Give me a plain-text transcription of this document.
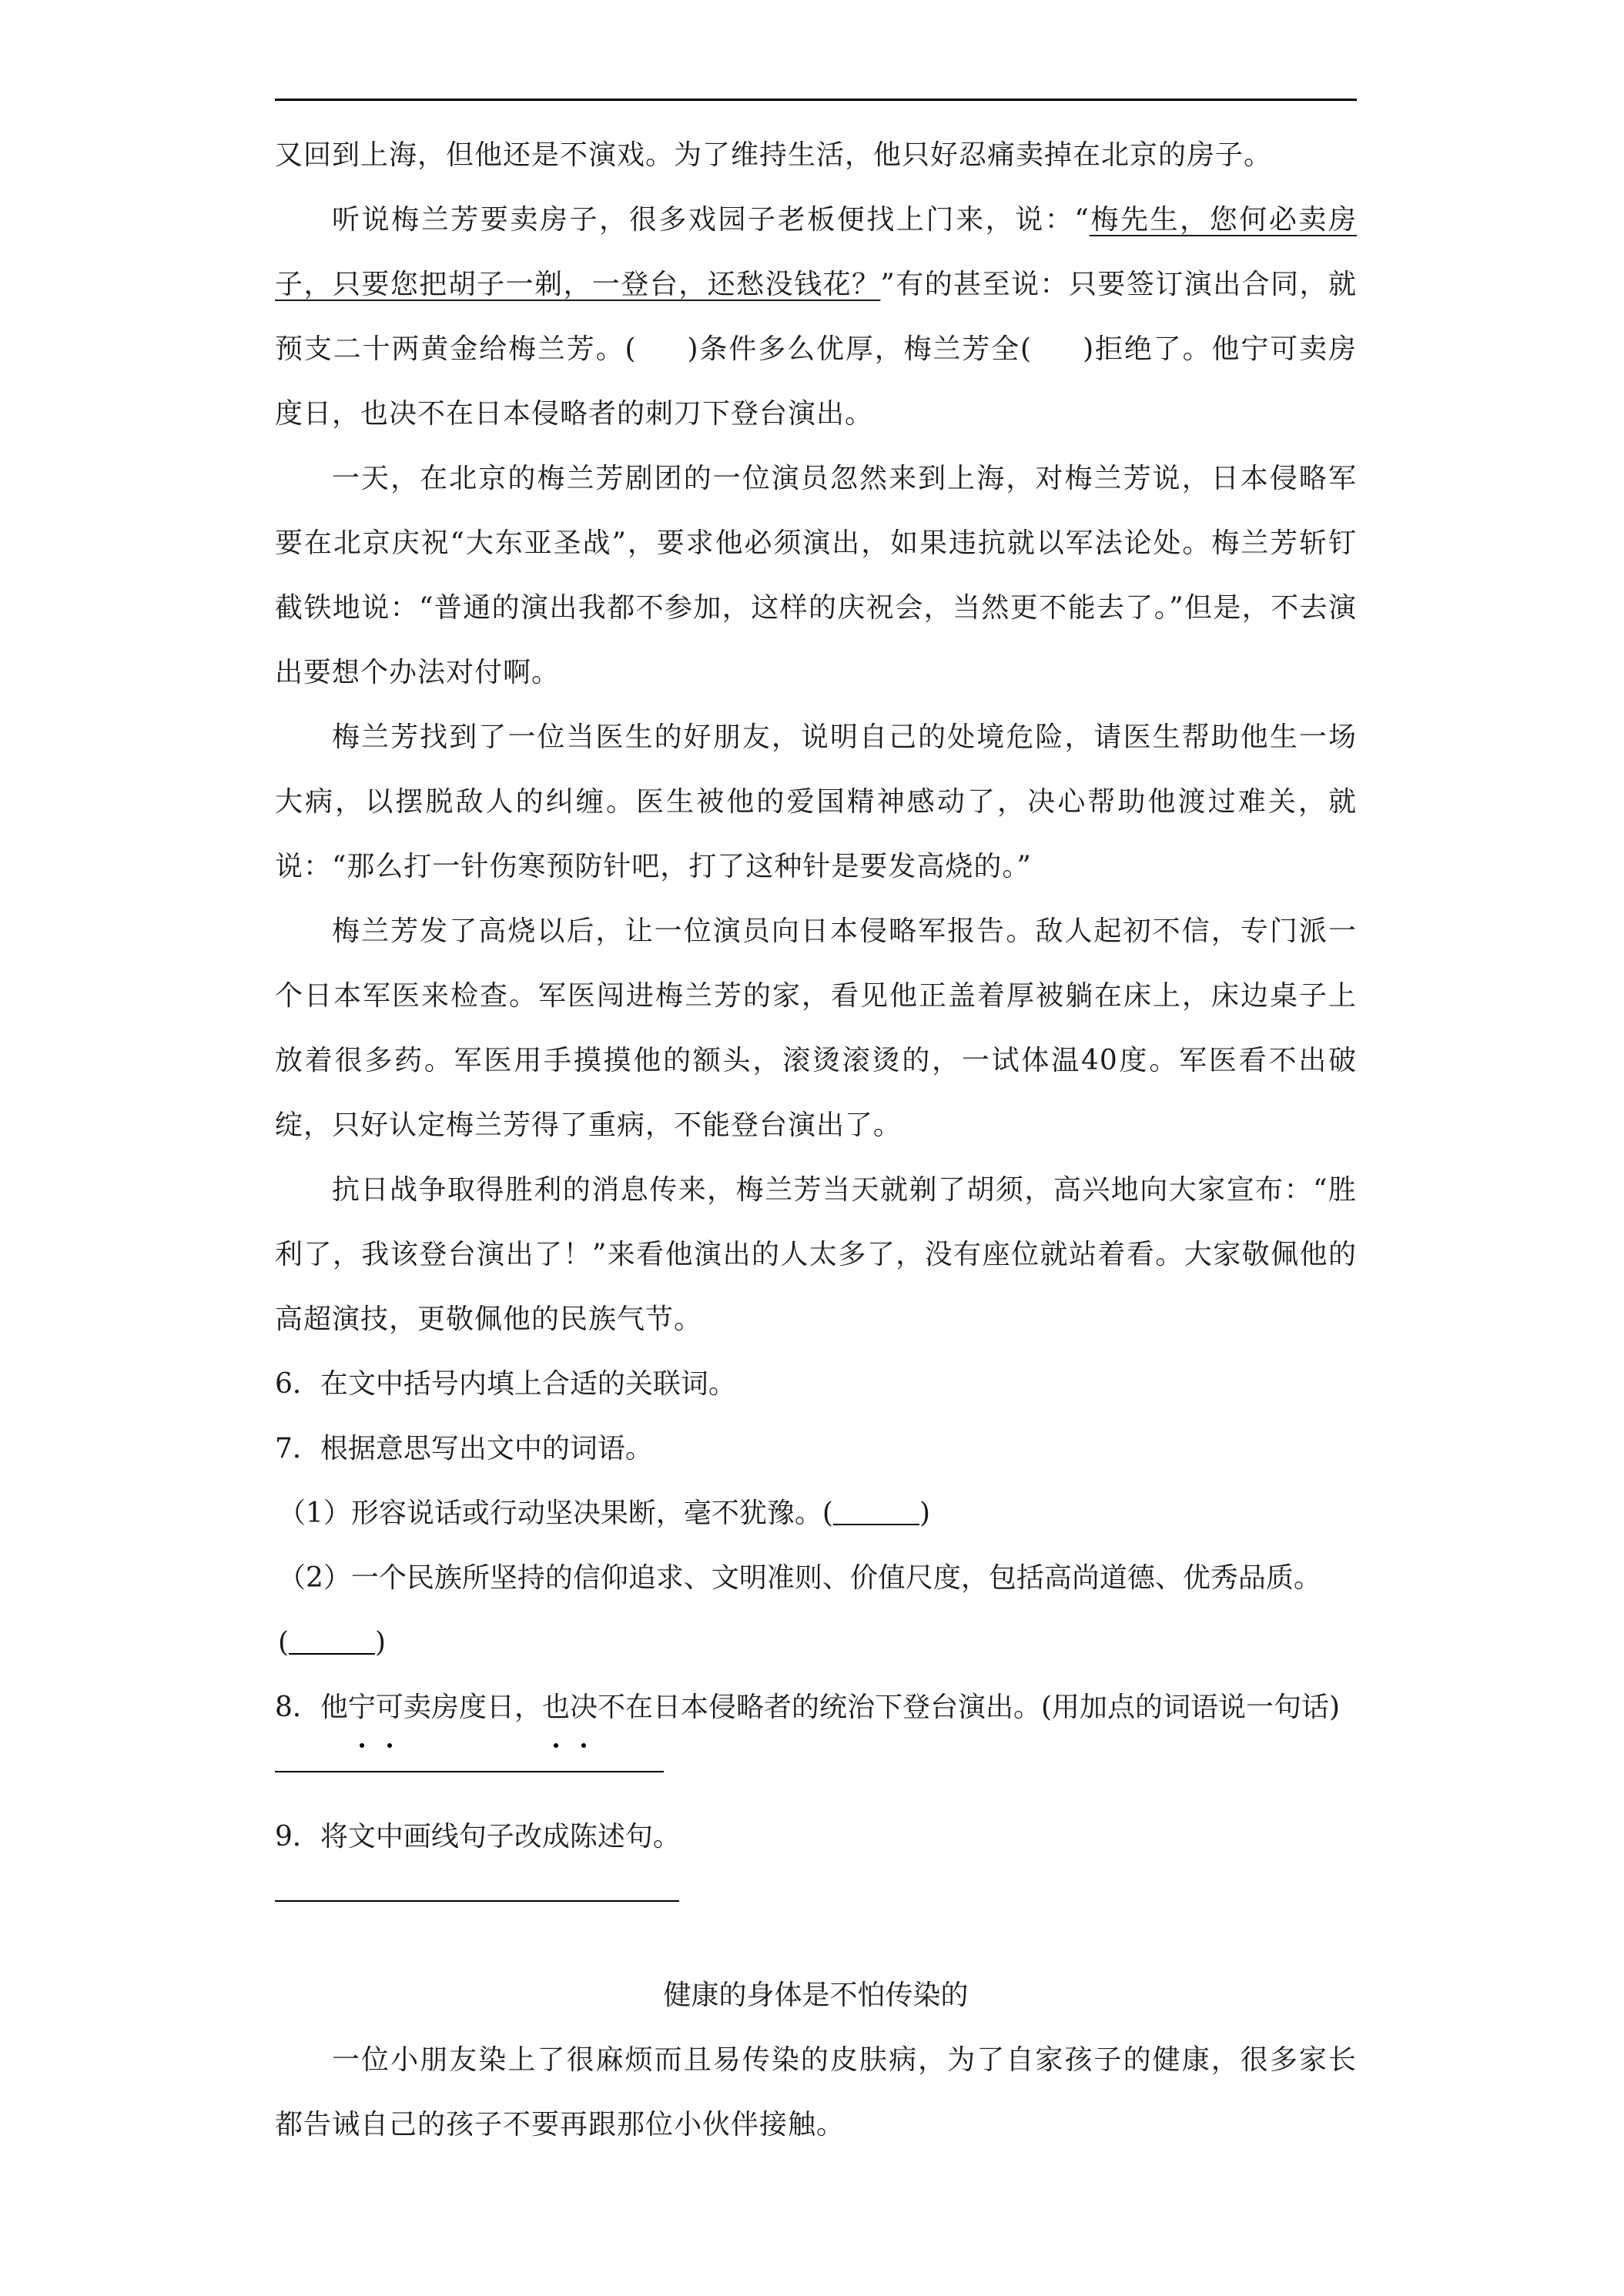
又回到上海，但他还是不演戏。为了维持生活，他只好忍痛卖掉在北京的房子。

听说梅兰芳要卖房子，很多戏园子老板便找上门来，说：“梅先生，您何必卖房子，只要您把胡子一剃，一登台，还愁没钱花？”有的甚至说：只要签订演出合同，就预支二十两黄金给梅兰芳。( )条件多么优厚，梅兰芳全( )拒绝了。他宁可卖房度日，也决不在日本侵略者的刺刀下登台演出。

一天，在北京的梅兰芳剧团的一位演员忽然来到上海，对梅兰芳说，日本侵略军要在北京庆祝“大东亚圣战”，要求他必须演出，如果违抗就以军法论处。梅兰芳斩钉截铁地说：“普通的演出我都不参加，这样的庆祝会，当然更不能去了。”但是，不去演出要想个办法对付啊。

梅兰芳找到了一位当医生的好朋友，说明自己的处境危险，请医生帮助他生一场大病，以摆脱敌人的纠缠。医生被他的爱国精神感动了，决心帮助他渡过难关，就说：“那么打一针伤寒预防针吧，打了这种针是要发高烧的。”

梅兰芳发了高烧以后，让一位演员向日本侵略军报告。敌人起初不信，专门派一个日本军医来检查。军医闯进梅兰芳的家，看见他正盖着厚被躺在床上，床边桌子上放着很多药。军医用手摸摸他的额头，滚烫滚烫的，一试体温40度。军医看不出破绽，只好认定梅兰芳得了重病，不能登台演出了。

抗日战争取得胜利的消息传来，梅兰芳当天就剃了胡须，高兴地向大家宣布：“胜利了，我该登台演出了！”来看他演出的人太多了，没有座位就站着看。大家敬佩他的高超演技，更敬佩他的民族气节。

6．在文中括号内填上合适的关联词。

7．根据意思写出文中的词语。

（1）形容说话或行动坚决果断，毫不犹豫。(	)

（2）一个民族所坚持的信仰追求、文明准则、价值尺度，包括高尚道德、优秀品质。

(	)

8．他宁可卖房度日，也决不在日本侵略者的统治下登台演出。(用加点的词语说一句话)

9．将文中画线句子改成陈述句。

健康的身体是不怕传染的

一位小朋友染上了很麻烦而且易传染的皮肤病，为了自家孩子的健康，很多家长都告诫自己的孩子不要再跟那位小伙伴接触。
